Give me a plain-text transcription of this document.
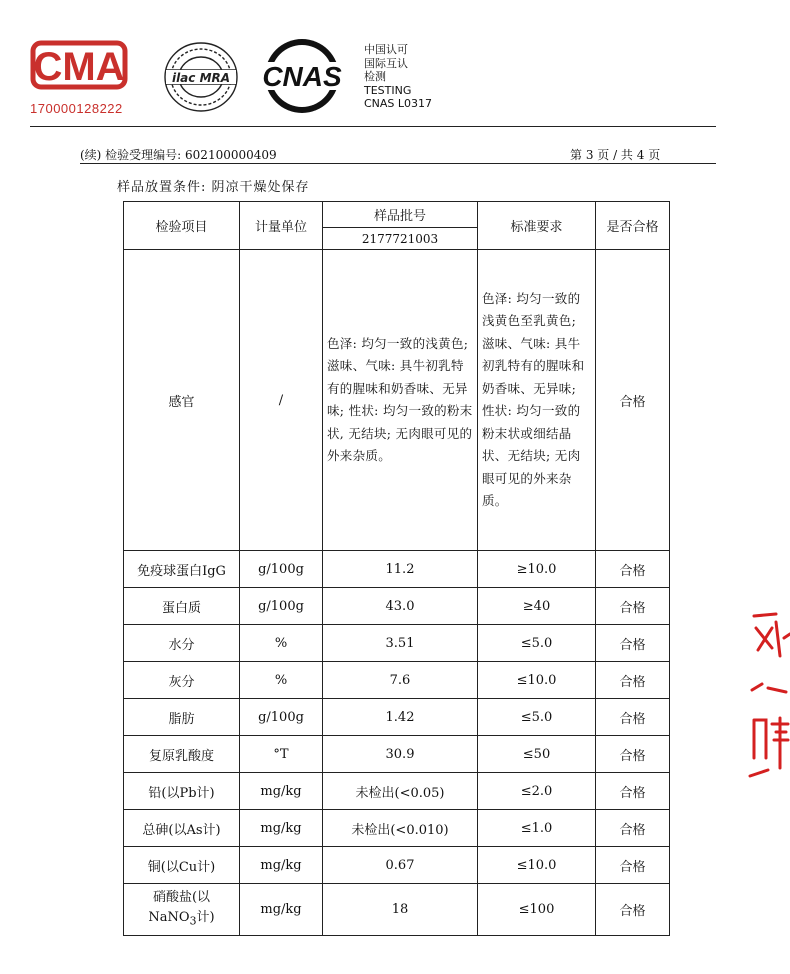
CMA
170000128222
ilac MRA CNAS
中国认可
国际互认
检测
TESTING
CNAS L0317
(续) 检验受理编号: 602100000409	第 3 页 / 共 4 页
样品放置条件: 阴凉干燥处保存
检验项目	计量单位	样品批号	标准要求	是否合格
		2177721003		
感官	/	色泽: 均匀一致的浅黄色; 滋味、气味: 具牛初乳特有的腥味和奶香味、无异味; 性状: 均匀一致的粉末状, 无结块; 无肉眼可见的外来杂质。	色泽: 均匀一致的浅黄色至乳黄色; 滋味、气味: 具牛初乳特有的腥味和奶香味、无异味; 性状: 均匀一致的粉末状或细结晶状、无结块; 无肉眼可见的外来杂质。	合格
免疫球蛋白IgG	g/100g	11.2	≥10.0	合格
蛋白质	g/100g	43.0	≥40	合格
水分	%	3.51	≤5.0	合格
灰分	%	7.6	≤10.0	合格
脂肪	g/100g	1.42	≤5.0	合格
复原乳酸度	°T	30.9	≤50	合格
铅(以Pb计)	mg/kg	未检出(<0.05)	≤2.0	合格
总砷(以As计)	mg/kg	未检出(<0.010)	≤1.0	合格
铜(以Cu计)	mg/kg	0.67	≤10.0	合格
硝酸盐(以
NaNO$_3$计)	mg/kg	18	≤100	合格
